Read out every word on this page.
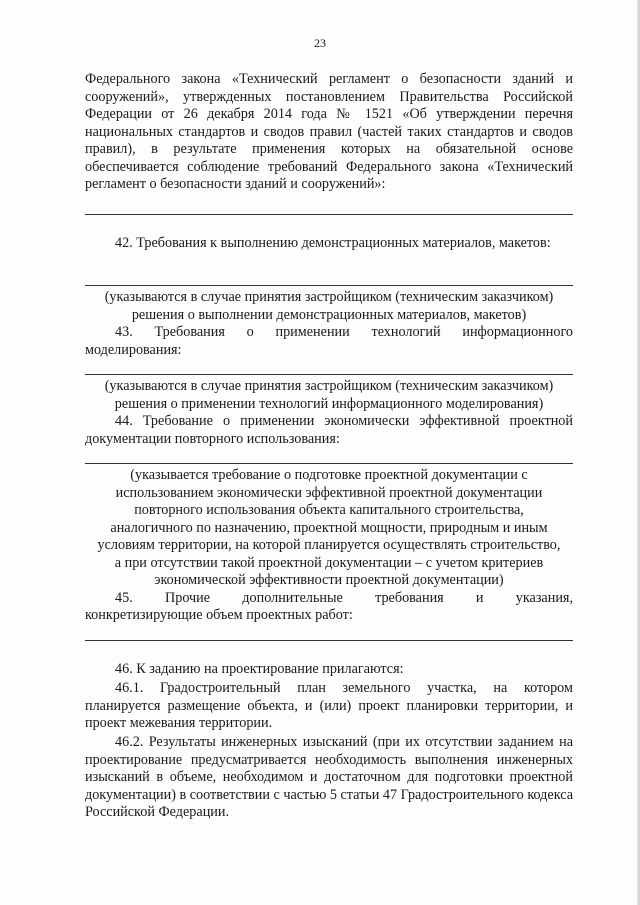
23

Федерального закона «Технический регламент о безопасности зданий и сооружений», утвержденных постановлением Правительства Российской Федерации от 26 декабря 2014 года № 1521 «Об утверждении перечня национальных стандартов и сводов правил (частей таких стандартов и сводов правил), в результате применения которых на обязательной основе обеспечивается соблюдение требований Федерального закона «Технический регламент о безопасности зданий и сооружений»:

42. Требования к выполнению демонстрационных материалов, макетов:

(указываются в случае принятия застройщиком (техническим заказчиком) решения о выполнении демонстрационных материалов, макетов)

43. Требования о применении технологий информационного моделирования:

(указываются в случае принятия застройщиком (техническим заказчиком) решения о применении технологий информационного моделирования)

44. Требование о применении экономически эффективной проектной документации повторного использования:

(указывается требование о подготовке проектной документации с использованием экономически эффективной проектной документации повторного использования объекта капитального строительства, аналогичного по назначению, проектной мощности, природным и иным условиям территории, на которой планируется осуществлять строительство, а при отсутствии такой проектной документации – с учетом критериев экономической эффективности проектной документации)

45. Прочие дополнительные требования и указания,

конкретизирующие объем проектных работ:

46. К заданию на проектирование прилагаются:

46.1. Градостроительный план земельного участка, на котором планируется размещение объекта, и (или) проект планировки территории, и проект межевания территории.

46.2. Результаты инженерных изысканий (при их отсутствии заданием на проектирование предусматривается необходимость выполнения инженерных изысканий в объеме, необходимом и достаточном для подготовки проектной документации) в соответствии с частью 5 статьи 47 Градостроительного кодекса Российской Федерации.
